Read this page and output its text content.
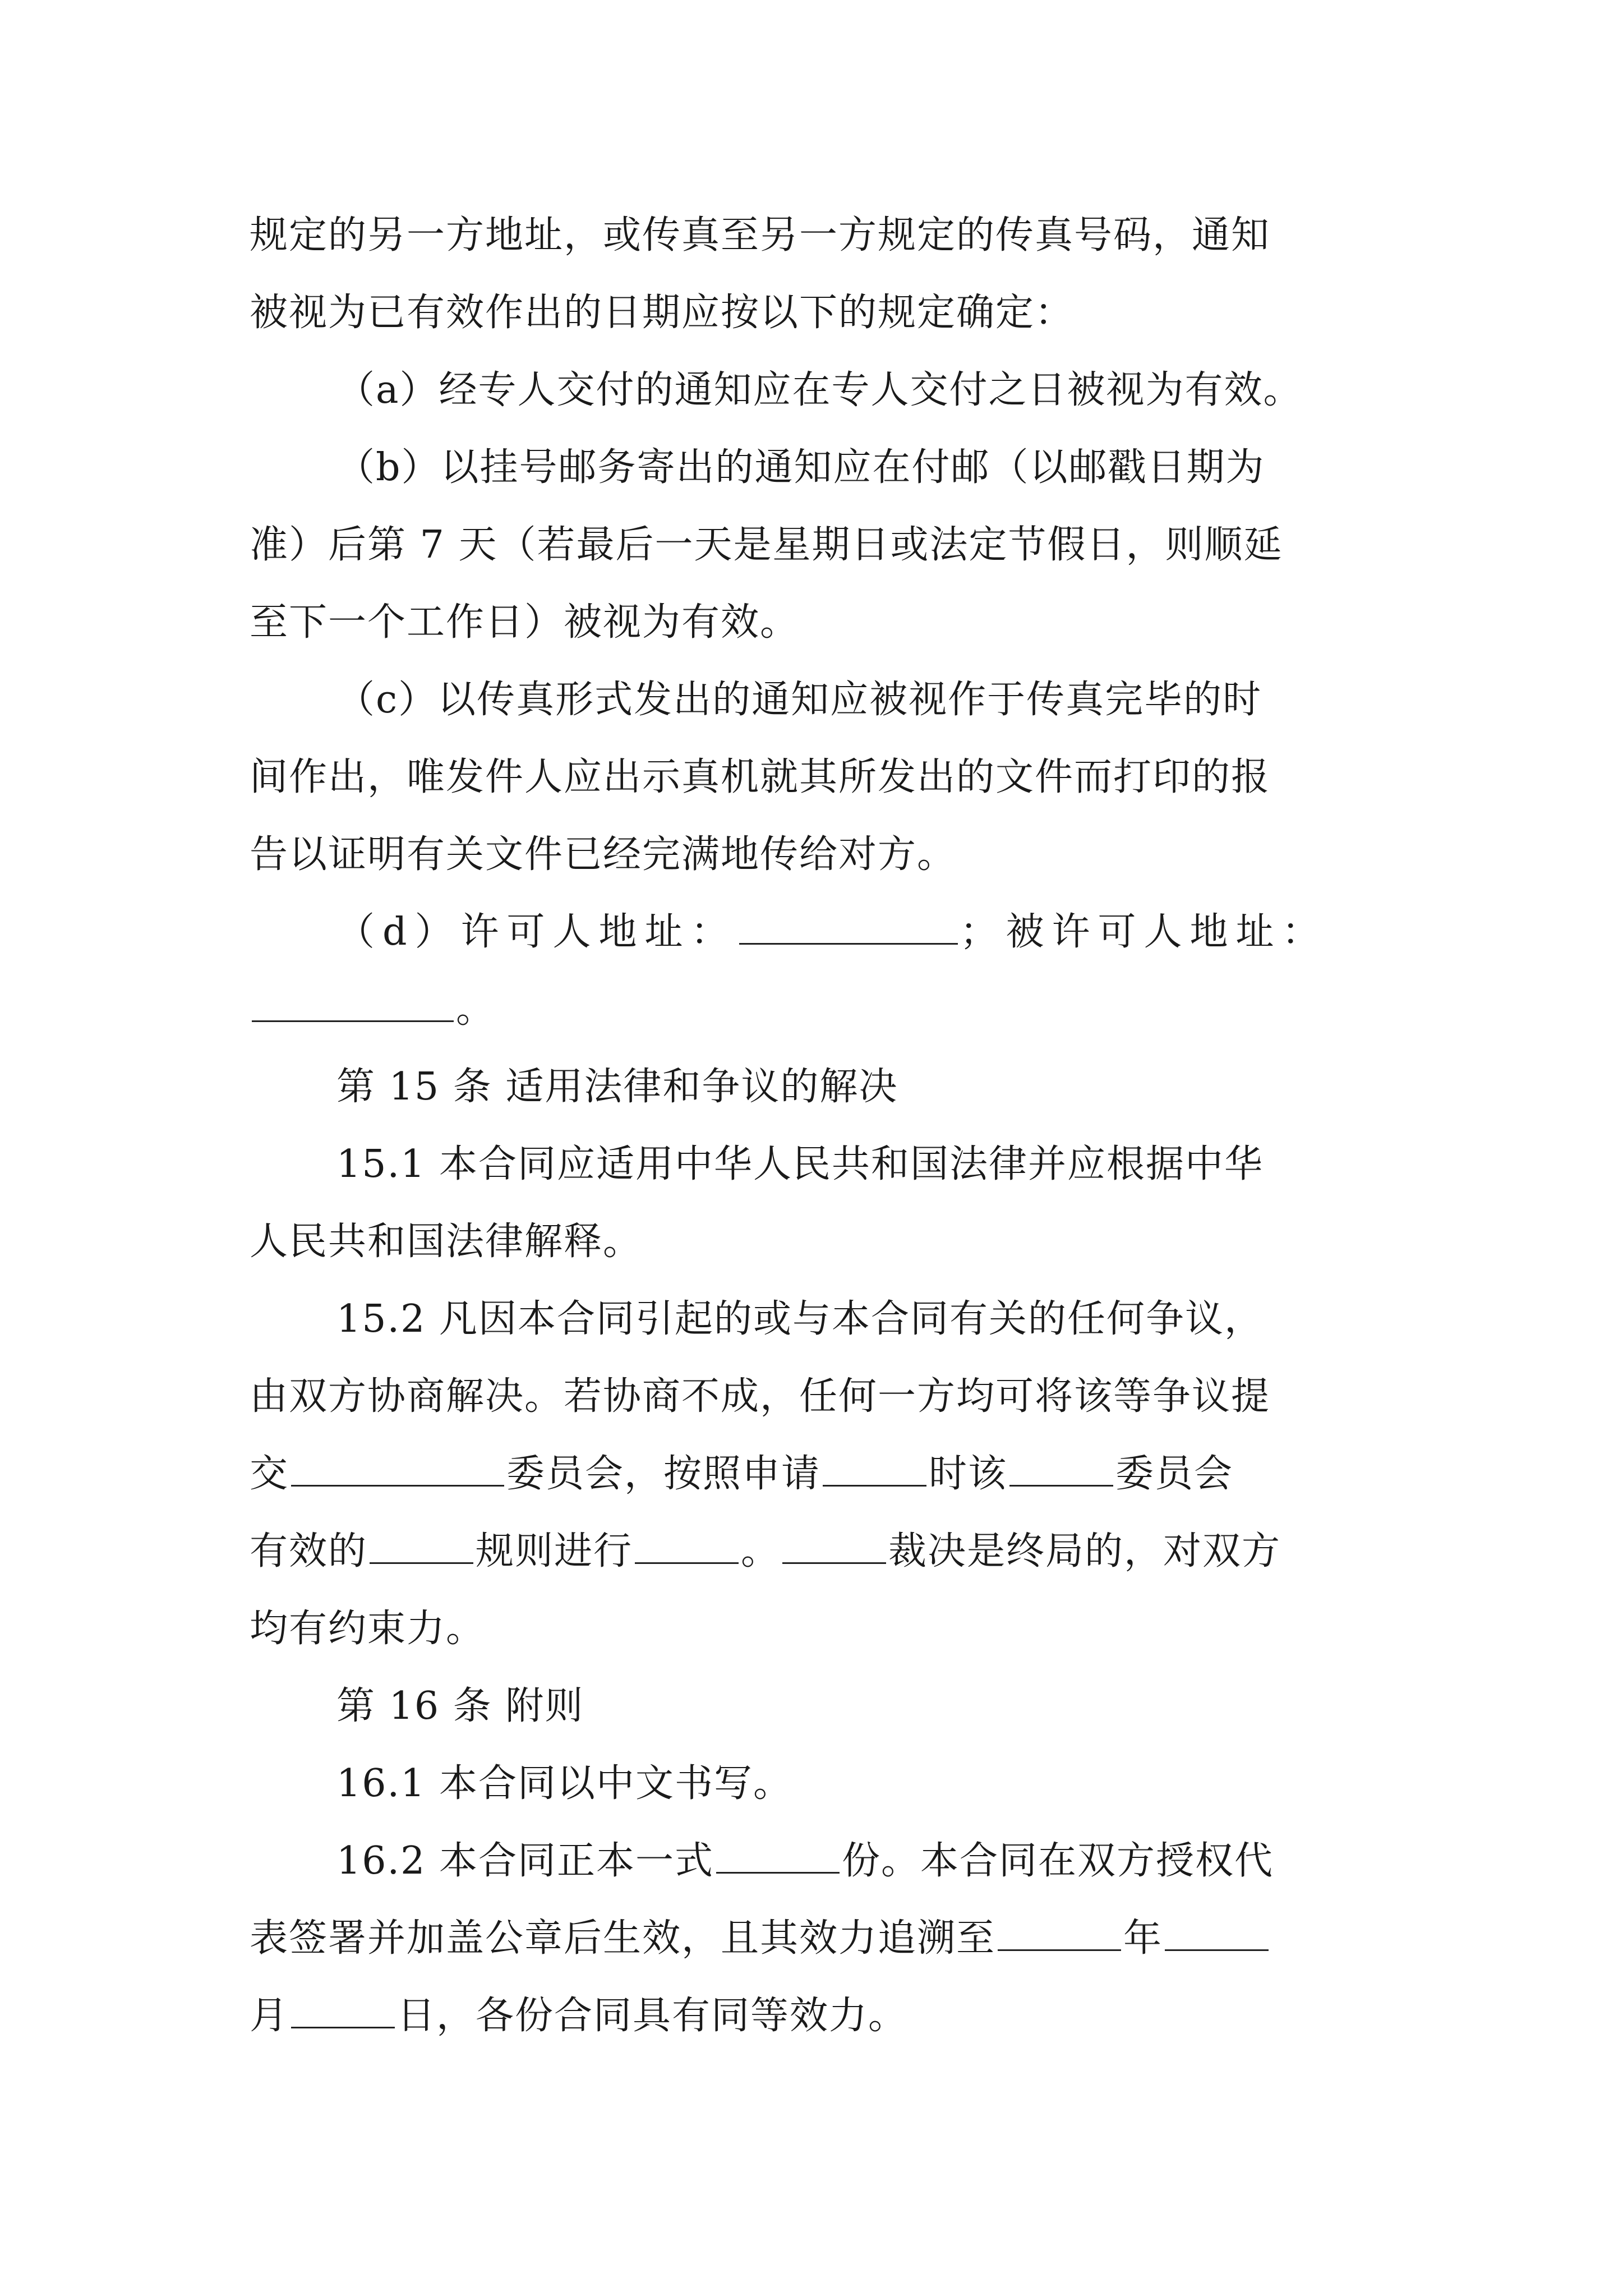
规定的另一方地址，或传真至另一方规定的传真号码，通知
被视为已有效作出的日期应按以下的规定确定：
（a）经专人交付的通知应在专人交付之日被视为有效。
（b）以挂号邮务寄出的通知应在付邮（以邮戳日期为
准）后第 7 天（若最后一天是星期日或法定节假日，则顺延
至下一个工作日）被视为有效。
（c）以传真形式发出的通知应被视作于传真完毕的时
间作出，唯发件人应出示真机就其所发出的文件而打印的报
告以证明有关文件已经完满地传给对方。
（d）许可人地址：	；被许可人地址：
。
第 15 条 适用法律和争议的解决
15.1 本合同应适用中华人民共和国法律并应根据中华
人民共和国法律解释。
15.2 凡因本合同引起的或与本合同有关的任何争议，
由双方协商解决。若协商不成，任何一方均可将该等争议提
交	委员会，按照申请	时该	委员会
有效的	规则进行	。	裁决是终局的，对双方
均有约束力。
第 16 条 附则
16.1 本合同以中文书写。
16.2 本合同正本一式	份。本合同在双方授权代
表签署并加盖公章后生效，且其效力追溯至	年
月	日，各份合同具有同等效力。
